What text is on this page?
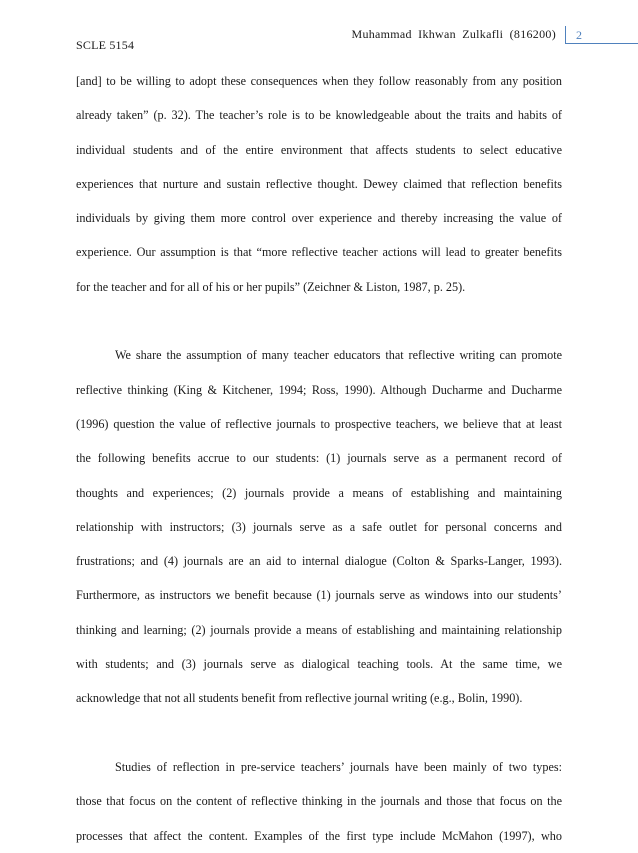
SCLE 5154
Muhammad Ikhwan Zulkafli (816200) 2
[and] to be willing to adopt these consequences when they follow reasonably from any position
already taken” (p. 32). The teacher’s role is to be knowledgeable about the traits and habits of
individual students and of the entire environment that affects students to select educative
experiences that nurture and sustain reflective thought. Dewey claimed that reflection benefits
individuals by giving them more control over experience and thereby increasing the value of
experience. Our assumption is that “more reflective teacher actions will lead to greater benefits
for the teacher and for all of his or her pupils” (Zeichner & Liston, 1987, p. 25).
We share the assumption of many teacher educators that reflective writing can promote
reflective thinking (King & Kitchener, 1994; Ross, 1990). Although Ducharme and Ducharme
(1996) question the value of reflective journals to prospective teachers, we believe that at least
the following benefits accrue to our students: (1) journals serve as a permanent record of
thoughts and experiences; (2) journals provide a means of establishing and maintaining
relationship with instructors; (3) journals serve as a safe outlet for personal concerns and
frustrations; and (4) journals are an aid to internal dialogue (Colton & Sparks-Langer, 1993).
Furthermore, as instructors we benefit because (1) journals serve as windows into our students’
thinking and learning; (2) journals provide a means of establishing and maintaining relationship
with students; and (3) journals serve as dialogical teaching tools. At the same time, we
acknowledge that not all students benefit from reflective journal writing (e.g., Bolin, 1990).
Studies of reflection in pre-service teachers’ journals have been mainly of two types:
those that focus on the content of reflective thinking in the journals and those that focus on the
processes that affect the content. Examples of the first type include McMahon (1997), who
